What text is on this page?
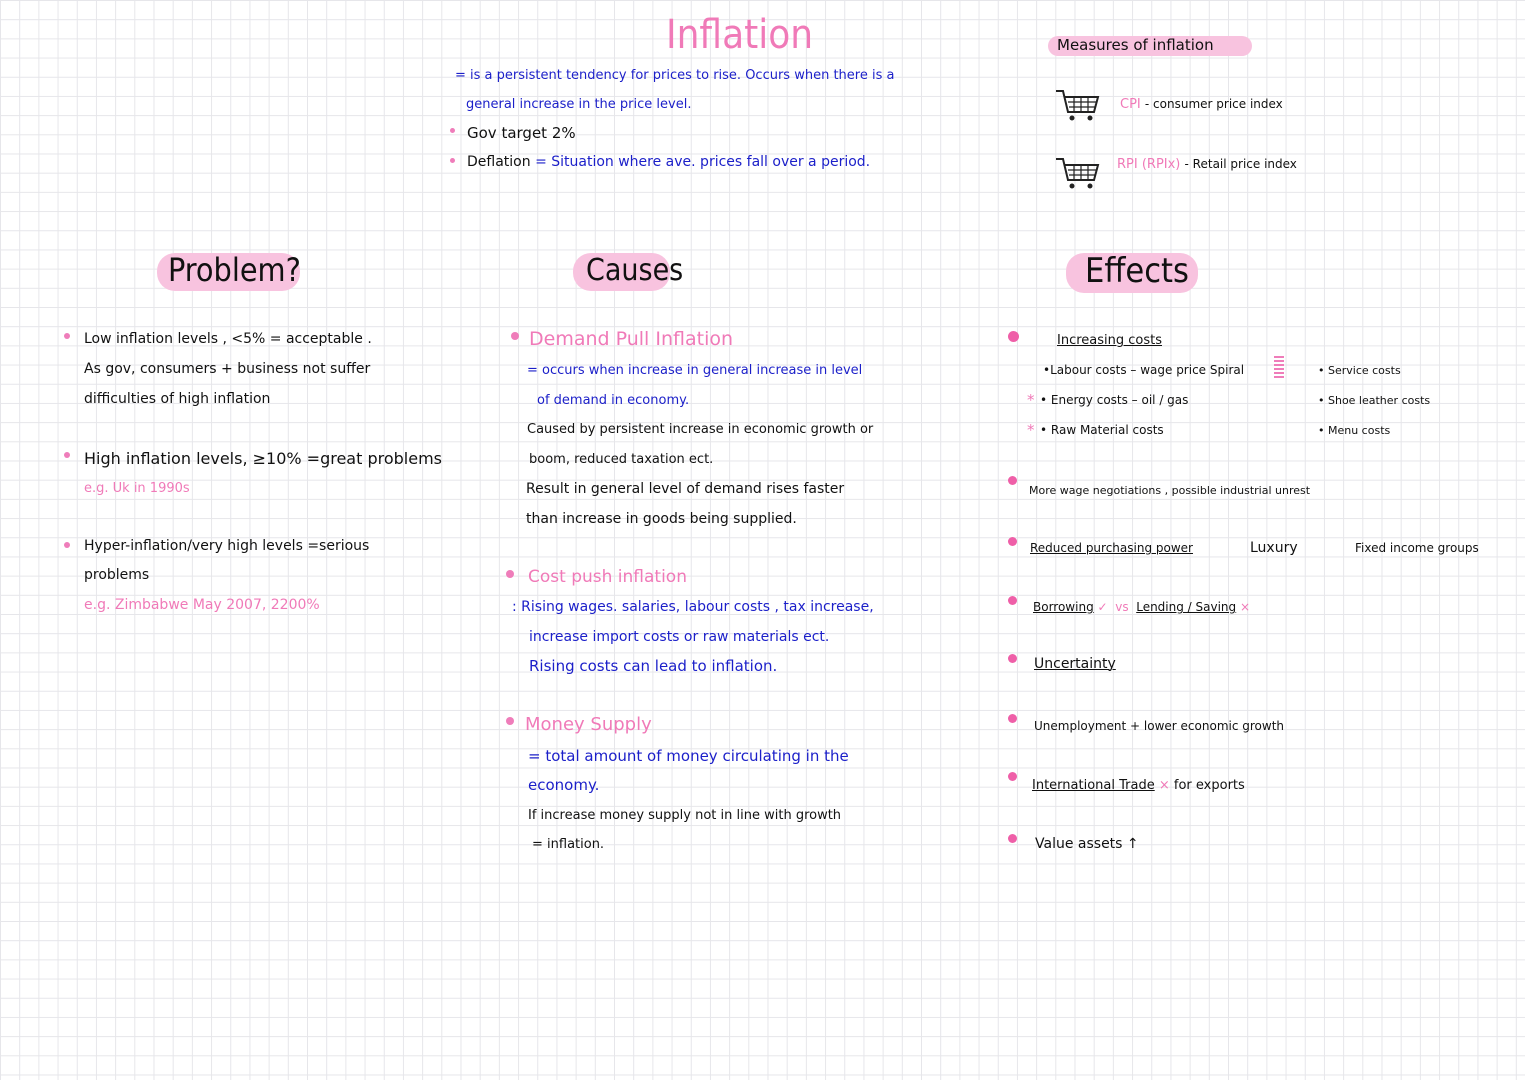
Inflation
= is a persistent tendency for prices to rise. Occurs when there is a
general increase in the price level.
Gov target 2%
Deflation = Situation where ave. prices fall over a period.
Measures of inflation
CPI - consumer price index
RPI (RPIx) - Retail price index
Problem?
Low inflation levels , <5% = acceptable .
As gov, consumers + business not suffer
difficulties of high inflation
High inflation levels, ≥10% =great problems
e.g. Uk in 1990s
Hyper-inflation/very high levels =serious
problems
e.g. Zimbabwe May 2007, 2200%
Causes
Demand Pull Inflation
= occurs when increase in general increase in level
of demand in economy.
Caused by persistent increase in economic growth or
boom, reduced taxation ect.
Result in general level of demand rises faster
than increase in goods being supplied.
Cost push inflation
: Rising wages. salaries, labour costs , tax increase,
increase import costs or raw materials ect.
Rising costs can lead to inflation.
Money Supply
= total amount of money circulating in the
economy.
If increase money supply not in line with growth
= inflation.
Effects
Increasing costs
•Labour costs – wage price Spiral
* • Energy costs – oil / gas
* • Raw Material costs
• Service costs
• Shoe leather costs
• Menu costs
More wage negotiations , possible industrial unrest
Reduced purchasing power	Luxury	Fixed income groups
Borrowing ✓ vs Lending / Saving ×
Uncertainty
Unemployment + lower economic growth
International Trade × for exports
Value assets ↑
